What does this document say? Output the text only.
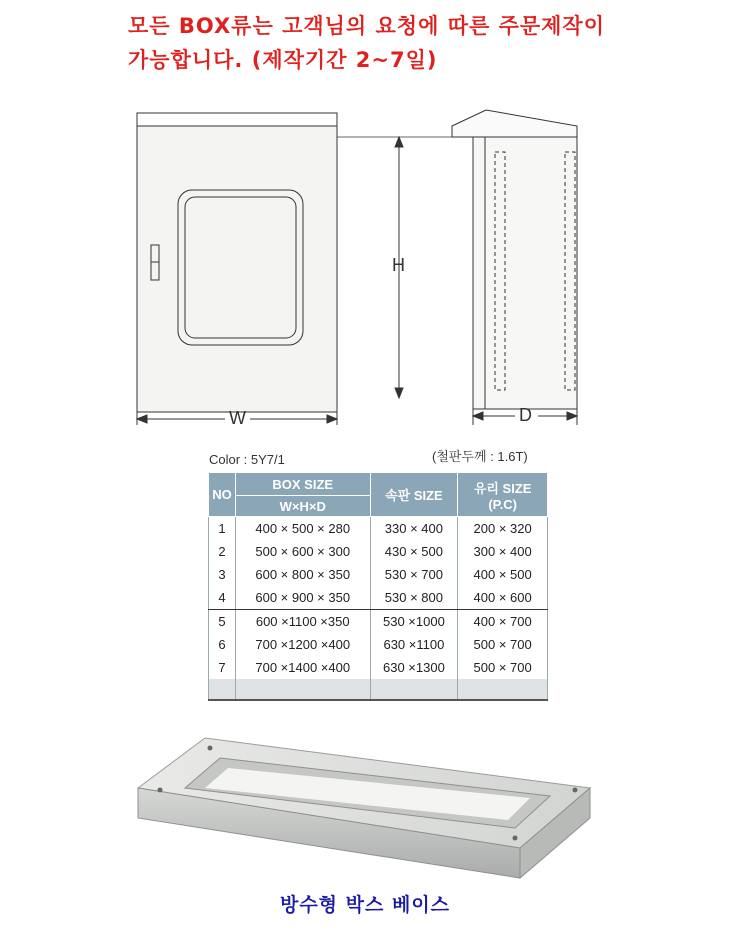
모든 BOX류는 고객님의 요청에 따른 주문제작이
가능합니다. (제작기간 2~7일)
H
W	D
Color : 5Y7/1	(철판두께 : 1.6T)
NO	BOX SIZE	속판 SIZE	유리 SIZE
(P.C)
	W×H×D		
1	400 × 500 × 280	330 × 400	200 × 320
2	500 × 600 × 300	430 × 500	300 × 400
3	600 × 800 × 350	530 × 700	400 × 500
4	600 × 900 × 350	530 × 800	400 × 600
5	600 ×1100 ×350	530 ×1000	400 × 700
6	700 ×1200 ×400	630 ×1100	500 × 700
7	700 ×1400 ×400	630 ×1300	500 × 700

방수형 박스 베이스
